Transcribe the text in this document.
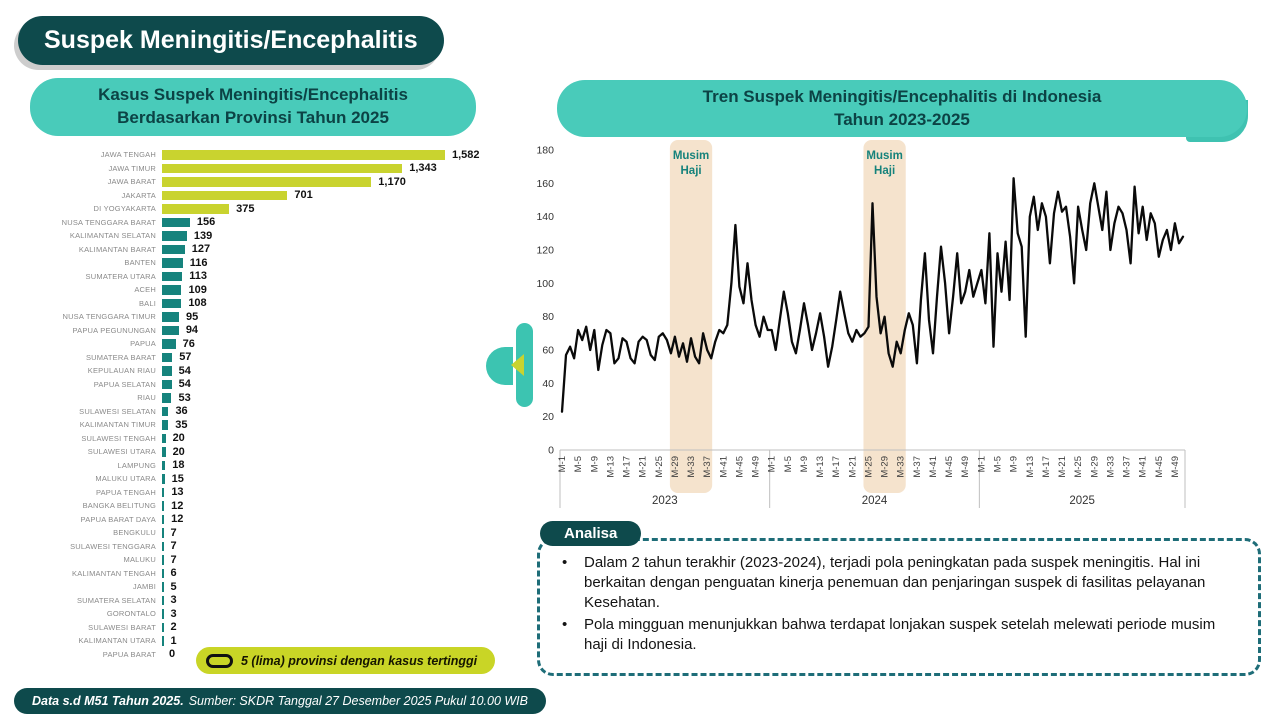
Suspek Meningitis/Encephalitis
Kasus Suspek Meningitis/Encephalitis
Berdasarkan Provinsi Tahun 2025
Tren Suspek Meningitis/Encephalitis di Indonesia
Tahun 2023-2025
JAWA TENGAH	1,582
JAWA TIMUR	1,343
JAWA BARAT	1,170
JAKARTA	701
DI YOGYAKARTA	375
NUSA TENGGARA BARAT	156
KALIMANTAN SELATAN	139
KALIMANTAN BARAT	127
BANTEN	116
SUMATERA UTARA	113
ACEH	109
BALI	108
NUSA TENGGARA TIMUR	95
PAPUA PEGUNUNGAN	94
PAPUA	76
SUMATERA BARAT	57
KEPULAUAN RIAU	54
PAPUA SELATAN	54
RIAU	53
SULAWESI SELATAN	36
KALIMANTAN TIMUR	35
SULAWESI TENGAH	20
SULAWESI UTARA	20
LAMPUNG	18
MALUKU UTARA	15
PAPUA TENGAH	13
BANGKA BELITUNG	12
PAPUA BARAT DAYA	12
BENGKULU	7
SULAWESI TENGGARA	7
MALUKU	7
KALIMANTAN TENGAH	6
JAMBI	5
SUMATERA SELATAN	3
GORONTALO	3
SULAWESI BARAT	2
KALIMANTAN UTARA	1
PAPUA BARAT	0	5 (lima) provinsi dengan kasus tertinggi
Data s.d M51 Tahun 2025. Sumber: SKDR Tanggal 27 Desember 2025 Pukul 10.00 WIB
Musim
Haji
Musim
Haji
0
20
40
60
80
100
120
140
160
180
M-1 M-5 M-9 M-13 M-17 M-21 M-25 M-29 M-33 M-37 M-41 M-45 M-49
2023
M-1 M-5 M-9 M-13 M-17 M-21 M-25 M-29 M-33 M-37 M-41 M-45 M-49
2024
M-1 M-5 M-9 M-13 M-17 M-21 M-25 M-29 M-33 M-37 M-41 M-45 M-49
2025
Analisa
• Dalam 2 tahun terakhir (2023-2024), terjadi pola peningkatan pada suspek meningitis. Hal ini berkaitan dengan penguatan kinerja penemuan dan penjaringan suspek di fasilitas pelayanan Kesehatan.
• Pola mingguan menunjukkan bahwa terdapat lonjakan suspek setelah melewati periode musim haji di Indonesia.
